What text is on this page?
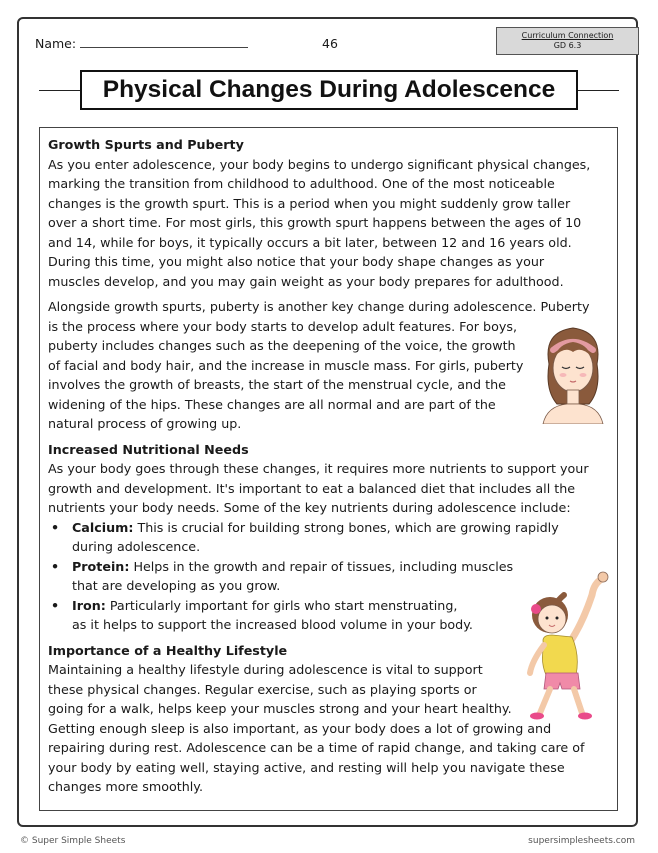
Name:	46
Curriculum Connection
GD 6.3
Physical Changes During Adolescence
Growth Spurts and Puberty

As you enter adolescence, your body begins to undergo significant physical changes,
marking the transition from childhood to adulthood. One of the most noticeable
changes is the growth spurt. This is a period when you might suddenly grow taller
over a short time. For most girls, this growth spurt happens between the ages of 10
and 14, while for boys, it typically occurs a bit later, between 12 and 16 years old.
During this time, you might also notice that your body shape changes as your
muscles develop, and you may gain weight as your body prepares for adulthood.

Alongside growth spurts, puberty is another key change during adolescence. Puberty
is the process where your body starts to develop adult features. For boys,
puberty includes changes such as the deepening of the voice, the growth
of facial and body hair, and the increase in muscle mass. For girls, puberty
involves the growth of breasts, the start of the menstrual cycle, and the
widening of the hips. These changes are all normal and are part of the
natural process of growing up.

Increased Nutritional Needs

As your body goes through these changes, it requires more nutrients to support your
growth and development. It's important to eat a balanced diet that includes all the
nutrients your body needs. Some of the key nutrients during adolescence include:

• Calcium: This is crucial for building strong bones, which are growing rapidly
during adolescence.
• Protein: Helps in the growth and repair of tissues, including muscles
that are developing as you grow.
• Iron: Particularly important for girls who start menstruating,
as it helps to support the increased blood volume in your body.
Importance of a Healthy Lifestyle

Maintaining a healthy lifestyle during adolescence is vital to support
these physical changes. Regular exercise, such as playing sports or
going for a walk, helps keep your muscles strong and your heart healthy.
Getting enough sleep is also important, as your body does a lot of growing and
repairing during rest. Adolescence can be a time of rapid change, and taking care of
your body by eating well, staying active, and resting will help you navigate these
changes more smoothly.

© Super Simple Sheets	supersimplesheets.com
